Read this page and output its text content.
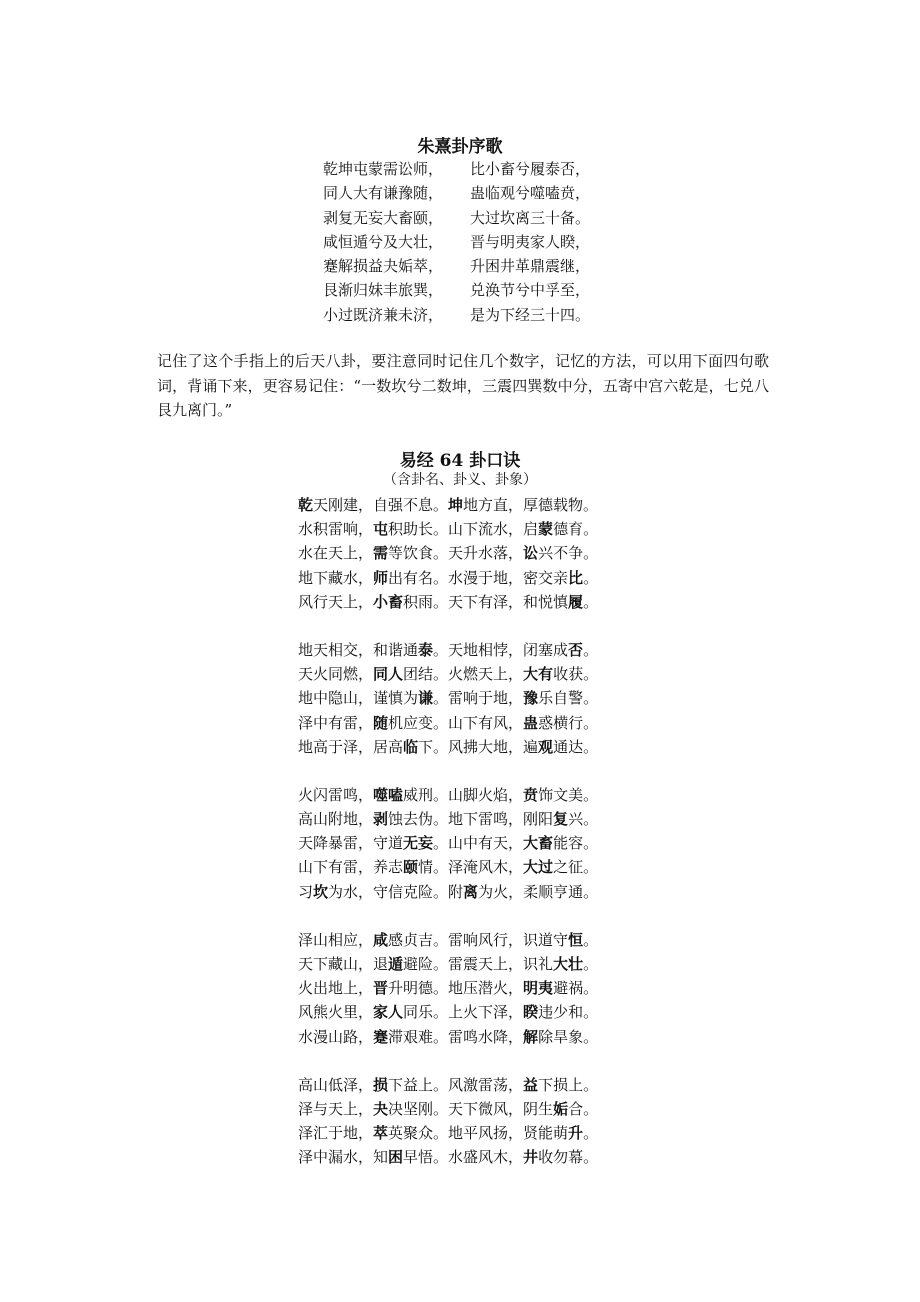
朱熹卦序歌
乾坤屯蒙需讼师， 比小畜兮履泰否，
同人大有谦豫随， 蛊临观兮噬嗑贲，
剥复无妄大畜颐， 大过坎离三十备。
咸恒遁兮及大壮， 晋与明夷家人睽，
蹇解损益夬姤萃， 升困井革鼎震继，
艮渐归妹丰旅巽， 兑涣节兮中孚至，
小过既济兼未济， 是为下经三十四。
记住了这个手指上的后天八卦，要注意同时记住几个数字，记忆的方法，可以用下面四句歌词，背诵下来，更容易记住：“一数坎兮二数坤，三震四巽数中分，五寄中宫六乾是，七兑八艮九离门。”
易经 64 卦口诀
（含卦名、卦义、卦象）
乾天刚建，自强不息。坤地方直，厚德载物。
水积雷响，屯积助长。山下流水，启蒙德育。
水在天上，需等饮食。天升水落，讼兴不争。
地下藏水，师出有名。水漫于地，密交亲比。
风行天上，小畜积雨。天下有泽，和悦慎履。
地天相交，和谐通泰。天地相悖，闭塞成否。
天火同燃，同人团结。火燃天上，大有收获。
地中隐山，谨慎为谦。雷响于地，豫乐自警。
泽中有雷，随机应变。山下有风，蛊惑横行。
地高于泽，居高临下。风拂大地，遍观通达。
火闪雷鸣，噬嗑威刑。山脚火焰，贲饰文美。
高山附地，剥蚀去伪。地下雷鸣，刚阳复兴。
天降暴雷，守道无妄。山中有天，大畜能容。
山下有雷，养志颐情。泽淹风木，大过之征。
习坎为水，守信克险。附离为火，柔顺亨通。
泽山相应，咸感贞吉。雷响风行，识道守恒。
天下藏山，退遁避险。雷震天上，识礼大壮。
火出地上，晋升明德。地压潜火，明夷避祸。
风熊火里，家人同乐。上火下泽，睽违少和。
水漫山路，蹇滞艰难。雷鸣水降，解除旱象。
高山低泽，损下益上。风激雷荡，益下损上。
泽与天上，夬决坚刚。天下微风，阴生姤合。
泽汇于地，萃英聚众。地平风扬，贤能萌升。
泽中漏水，知困早悟。水盛风木，井收勿幕。
